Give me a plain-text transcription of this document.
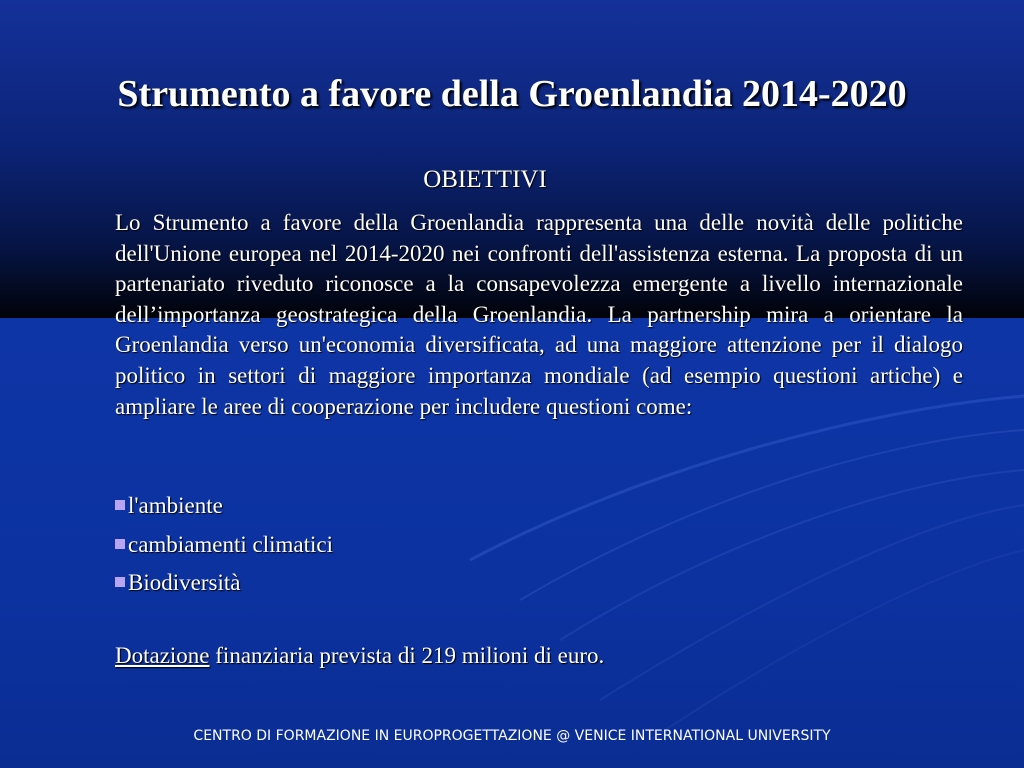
Strumento a favore della Groenlandia 2014-2020
OBIETTIVI

Lo Strumento a favore della Groenlandia rappresenta una delle novità delle politiche dell'Unione europea nel 2014-2020 nei confronti dell'assistenza esterna. La proposta di un partenariato riveduto riconosce a la consapevolezza emergente a livello internazionale dell’importanza geostrategica della Groenlandia. La partnership mira a orientare la Groenlandia verso un'economia diversificata, ad una maggiore attenzione per il dialogo politico in settori di maggiore importanza mondiale (ad esempio questioni artiche) e ampliare le aree di cooperazione per includere questioni come:

l'ambiente
cambiamenti climatici
Biodiversità

Dotazione finanziaria prevista di 219 milioni di euro.

CENTRO DI FORMAZIONE IN EUROPROGETTAZIONE @ VENICE INTERNATIONAL UNIVERSITY
